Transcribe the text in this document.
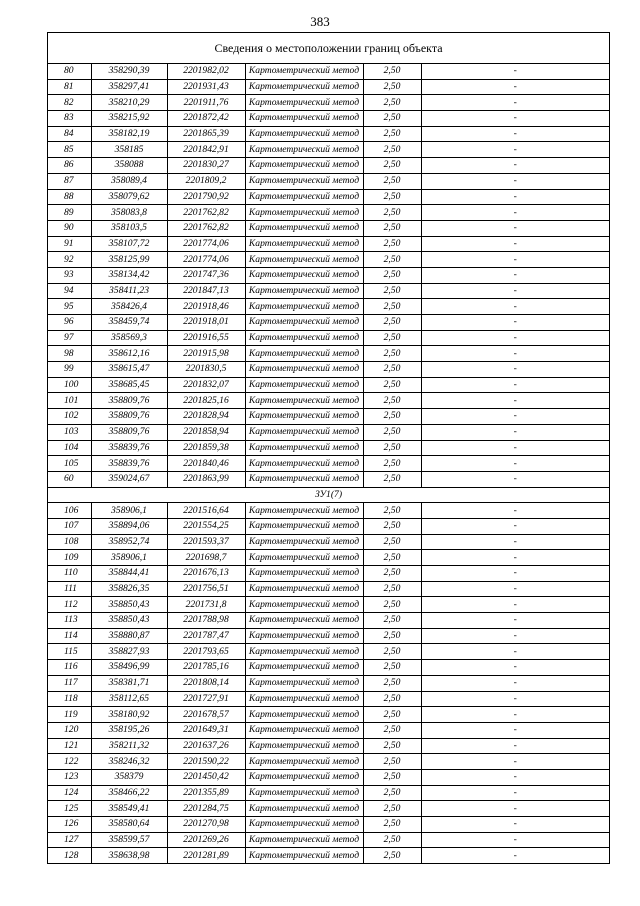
383
Сведения о местоположении границ объекта
80	358290,39	2201982,02	Картометрический метод	2,50	-
81	358297,41	2201931,43	Картометрический метод	2,50	-
82	358210,29	2201911,76	Картометрический метод	2,50	-
83	358215,92	2201872,42	Картометрический метод	2,50	-
84	358182,19	2201865,39	Картометрический метод	2,50	-
85	358185	2201842,91	Картометрический метод	2,50	-
86	358088	2201830,27	Картометрический метод	2,50	-
87	358089,4	2201809,2	Картометрический метод	2,50	-
88	358079,62	2201790,92	Картометрический метод	2,50	-
89	358083,8	2201762,82	Картометрический метод	2,50	-
90	358103,5	2201762,82	Картометрический метод	2,50	-
91	358107,72	2201774,06	Картометрический метод	2,50	-
92	358125,99	2201774,06	Картометрический метод	2,50	-
93	358134,42	2201747,36	Картометрический метод	2,50	-
94	358411,23	2201847,13	Картометрический метод	2,50	-
95	358426,4	2201918,46	Картометрический метод	2,50	-
96	358459,74	2201918,01	Картометрический метод	2,50	-
97	358569,3	2201916,55	Картометрический метод	2,50	-
98	358612,16	2201915,98	Картометрический метод	2,50	-
99	358615,47	2201830,5	Картометрический метод	2,50	-
100	358685,45	2201832,07	Картометрический метод	2,50	-
101	358809,76	2201825,16	Картометрический метод	2,50	-
102	358809,76	2201828,94	Картометрический метод	2,50	-
103	358809,76	2201858,94	Картометрический метод	2,50	-
104	358839,76	2201859,38	Картометрический метод	2,50	-
105	358839,76	2201840,46	Картометрический метод	2,50	-
60	359024,67	2201863,99	Картометрический метод	2,50	-
ЗУ1(7)					
106	358906,1	2201516,64	Картометрический метод	2,50	-
107	358894,06	2201554,25	Картометрический метод	2,50	-
108	358952,74	2201593,37	Картометрический метод	2,50	-
109	358906,1	2201698,7	Картометрический метод	2,50	-
110	358844,41	2201676,13	Картометрический метод	2,50	-
111	358826,35	2201756,51	Картометрический метод	2,50	-
112	358850,43	2201731,8	Картометрический метод	2,50	-
113	358850,43	2201788,98	Картометрический метод	2,50	-
114	358880,87	2201787,47	Картометрический метод	2,50	-
115	358827,93	2201793,65	Картометрический метод	2,50	-
116	358496,99	2201785,16	Картометрический метод	2,50	-
117	358381,71	2201808,14	Картометрический метод	2,50	-
118	358112,65	2201727,91	Картометрический метод	2,50	-
119	358180,92	2201678,57	Картометрический метод	2,50	-
120	358195,26	2201649,31	Картометрический метод	2,50	-
121	358211,32	2201637,26	Картометрический метод	2,50	-
122	358246,32	2201590,22	Картометрический метод	2,50	-
123	358379	2201450,42	Картометрический метод	2,50	-
124	358466,22	2201355,89	Картометрический метод	2,50	-
125	358549,41	2201284,75	Картометрический метод	2,50	-
126	358580,64	2201270,98	Картометрический метод	2,50	-
127	358599,57	2201269,26	Картометрический метод	2,50	-
128	358638,98	2201281,89	Картометрический метод	2,50	-
